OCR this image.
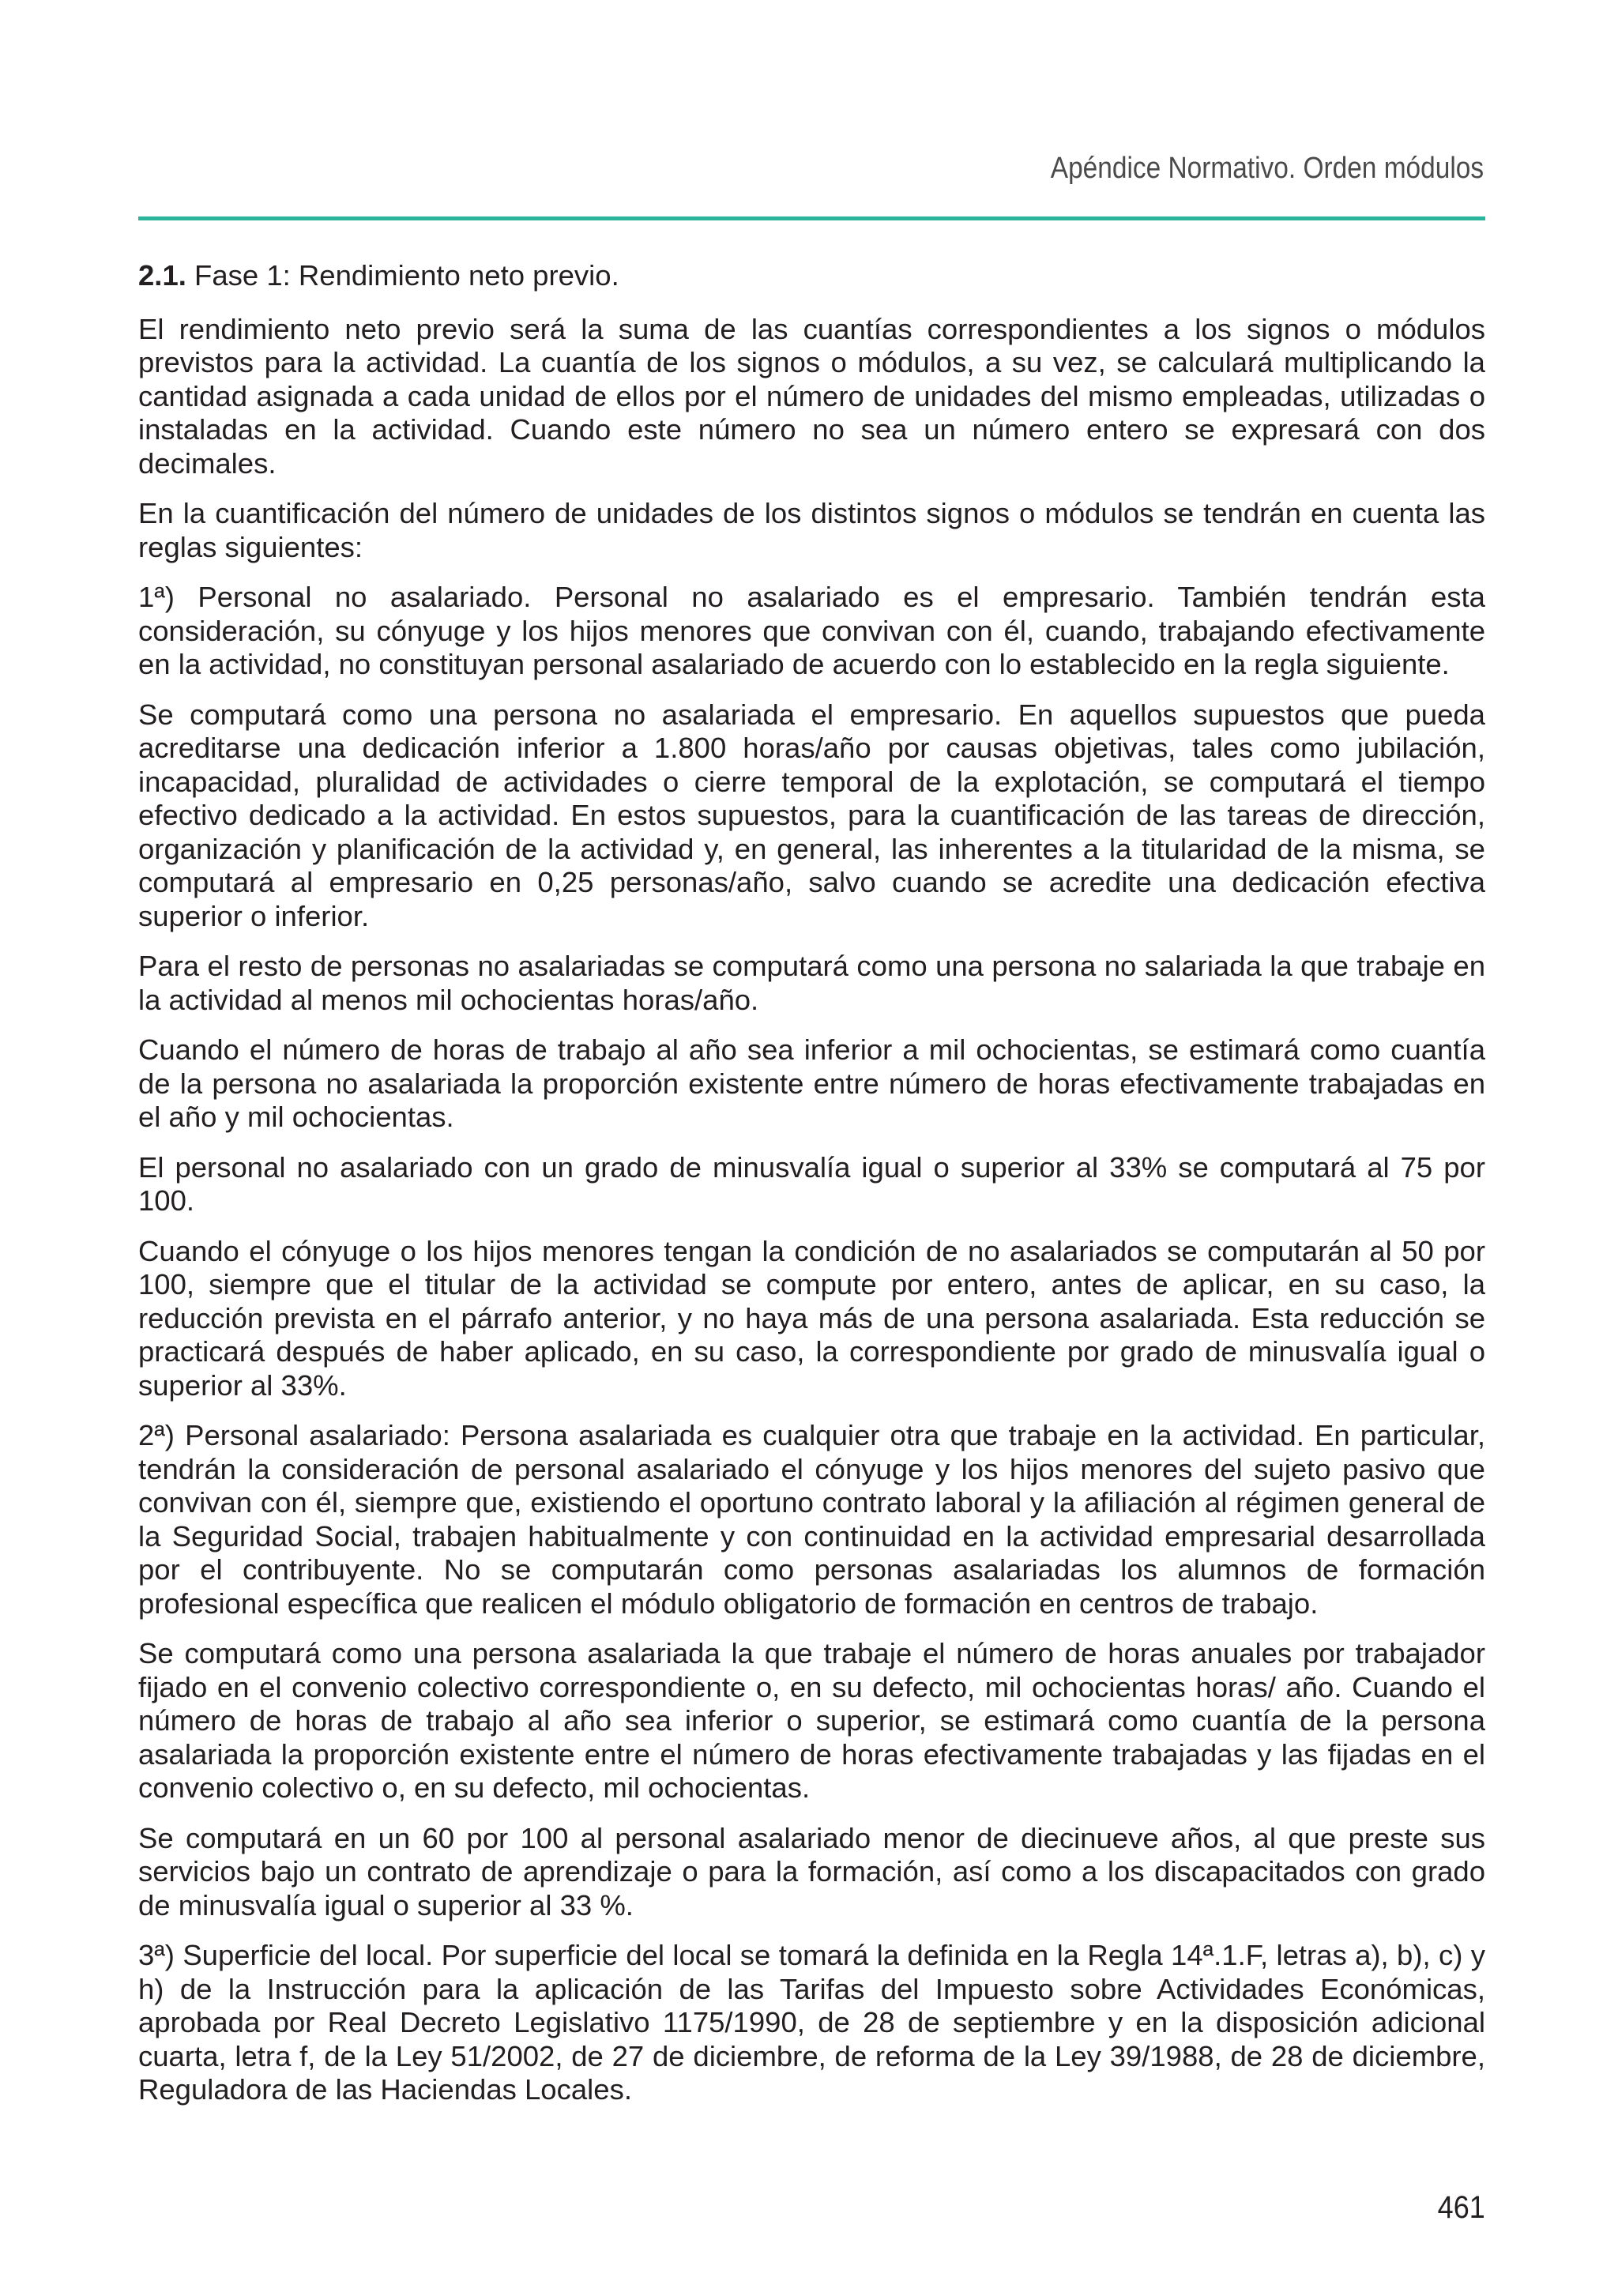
Apéndice Normativo. Orden módulos

2.1. Fase 1: Rendimiento neto previo.

El rendimiento neto previo será la suma de las cuantías correspondientes a los signos o módulos previstos para la actividad. La cuantía de los signos o módulos, a su vez, se calculará multiplicando la cantidad asignada a cada unidad de ellos por el número de unidades del mismo empleadas, utilizadas o instaladas en la actividad. Cuando este número no sea un número entero se expresará con dos decimales.

En la cuantificación del número de unidades de los distintos signos o módulos se tendrán en cuenta las reglas siguientes:

1ª) Personal no asalariado. Personal no asalariado es el empresario. También tendrán esta consideración, su cónyuge y los hijos menores que convivan con él, cuando, trabajando efectivamente en la actividad, no constituyan personal asalariado de acuerdo con lo establecido en la regla siguiente.

Se computará como una persona no asalariada el empresario. En aquellos supuestos que pueda acreditarse una dedicación inferior a 1.800 horas/año por causas objetivas, tales como jubilación, incapacidad, pluralidad de actividades o cierre temporal de la explotación, se computará el tiempo efectivo dedicado a la actividad. En estos supuestos, para la cuantificación de las tareas de dirección, organización y planificación de la actividad y, en general, las inherentes a la titularidad de la misma, se computará al empresario en 0,25 personas/año, salvo cuando se acredite una dedicación efectiva superior o inferior.

Para el resto de personas no asalariadas se computará como una persona no salariada la que trabaje en la actividad al menos mil ochocientas horas/año.

Cuando el número de horas de trabajo al año sea inferior a mil ochocientas, se estimará como cuantía de la persona no asalariada la proporción existente entre número de horas efectivamente trabajadas en el año y mil ochocientas.

El personal no asalariado con un grado de minusvalía igual o superior al 33% se computará al 75 por 100.

Cuando el cónyuge o los hijos menores tengan la condición de no asalariados se computarán al 50 por 100, siempre que el titular de la actividad se compute por entero, antes de aplicar, en su caso, la reducción prevista en el párrafo anterior, y no haya más de una persona asalariada. Esta reducción se practicará después de haber aplicado, en su caso, la correspondiente por grado de minusvalía igual o superior al 33%.

2ª) Personal asalariado: Persona asalariada es cualquier otra que trabaje en la actividad. En particular, tendrán la consideración de personal asalariado el cónyuge y los hijos menores del sujeto pasivo que convivan con él, siempre que, existiendo el oportuno contrato laboral y la afiliación al régimen general de la Seguridad Social, trabajen habitualmente y con continuidad en la actividad empresarial desarrollada por el contribuyente. No se computarán como personas asalariadas los alumnos de formación profesional específica que realicen el módulo obligatorio de formación en centros de trabajo.

Se computará como una persona asalariada la que trabaje el número de horas anuales por trabajador fijado en el convenio colectivo correspondiente o, en su defecto, mil ochocientas horas/ año. Cuando el número de horas de trabajo al año sea inferior o superior, se estimará como cuantía de la persona asalariada la proporción existente entre el número de horas efectivamente trabajadas y las fijadas en el convenio colectivo o, en su defecto, mil ochocientas.

Se computará en un 60 por 100 al personal asalariado menor de diecinueve años, al que preste sus servicios bajo un contrato de aprendizaje o para la formación, así como a los discapacitados con grado de minusvalía igual o superior al 33 %.

3ª) Superficie del local. Por superficie del local se tomará la definida en la Regla 14ª.1.F, letras a), b), c) y h) de la Instrucción para la aplicación de las Tarifas del Impuesto sobre Actividades Económicas, aprobada por Real Decreto Legislativo 1175/1990, de 28 de septiembre y en la disposición adicional cuarta, letra f, de la Ley 51/2002, de 27 de diciembre, de reforma de la Ley 39/1988, de 28 de diciembre, Reguladora de las Haciendas Locales.

461
